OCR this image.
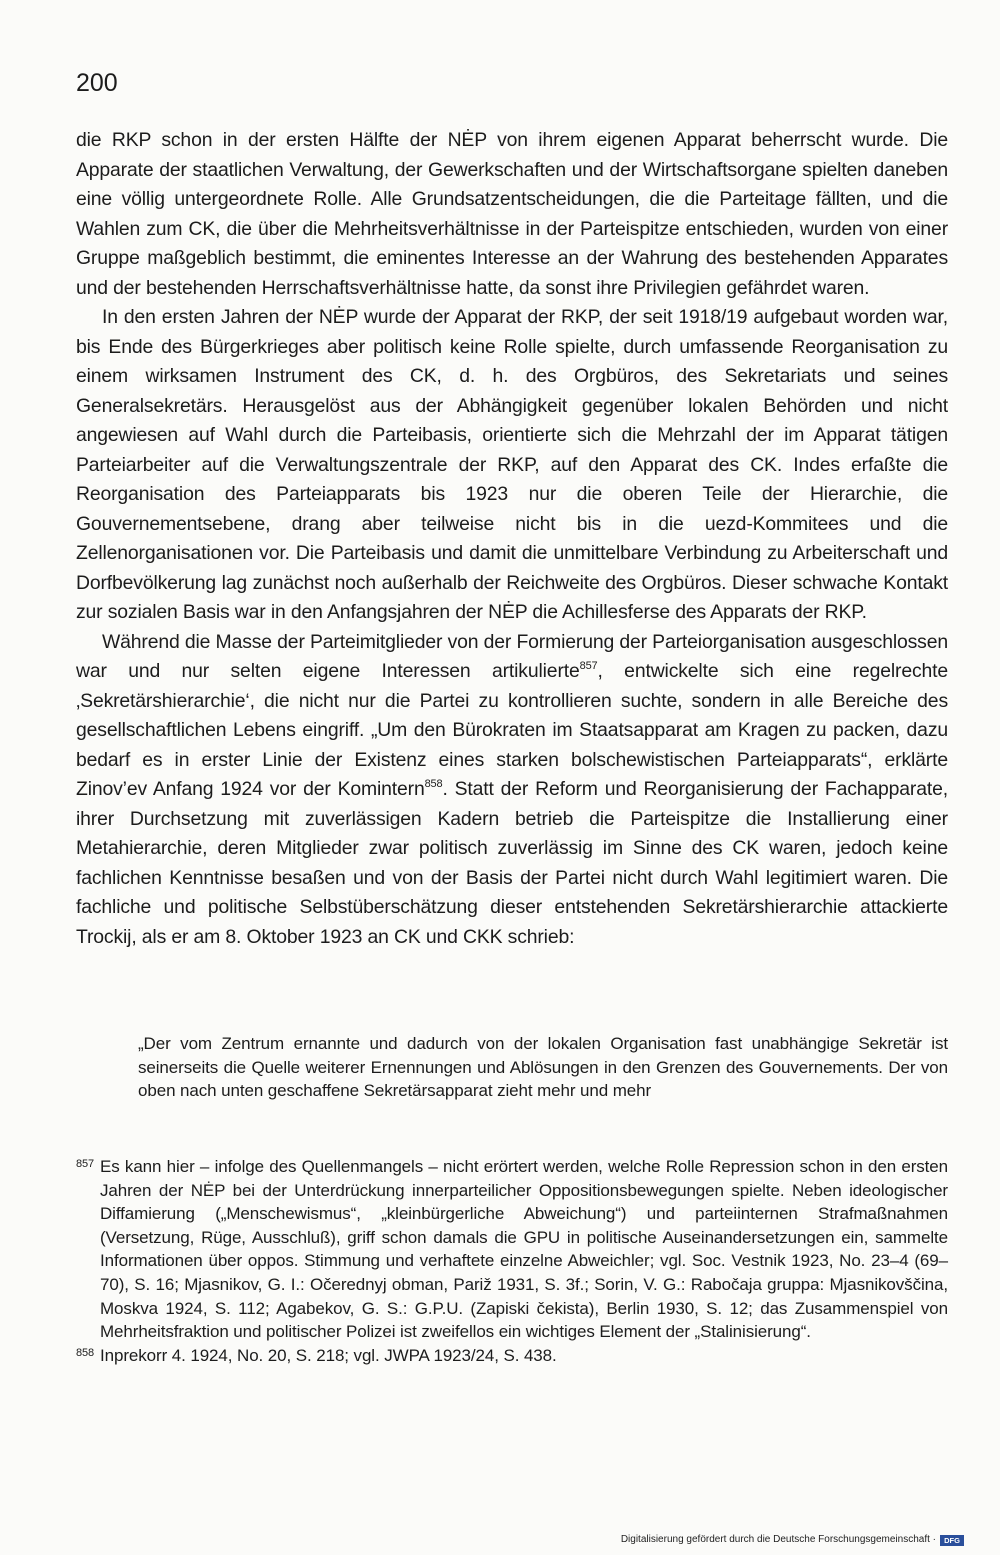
200

die RKP schon in der ersten Hälfte der NĖP von ihrem eigenen Apparat beherrscht wurde. Die Apparate der staatlichen Verwaltung, der Gewerkschaften und der Wirtschaftsorgane spielten daneben eine völlig untergeordnete Rolle. Alle Grundsatzentscheidungen, die die Parteitage fällten, und die Wahlen zum CK, die über die Mehrheitsverhältnisse in der Parteispitze entschieden, wurden von einer Gruppe maßgeblich bestimmt, die eminentes Interesse an der Wahrung des bestehenden Apparates und der bestehenden Herrschaftsverhältnisse hatte, da sonst ihre Privilegien gefährdet waren.

In den ersten Jahren der NĖP wurde der Apparat der RKP, der seit 1918/19 aufgebaut worden war, bis Ende des Bürgerkrieges aber politisch keine Rolle spielte, durch umfassende Reorganisation zu einem wirksamen Instrument des CK, d. h. des Orgbüros, des Sekretariats und seines Generalsekretärs. Herausgelöst aus der Abhängigkeit gegenüber lokalen Behörden und nicht angewiesen auf Wahl durch die Parteibasis, orientierte sich die Mehrzahl der im Apparat tätigen Parteiarbeiter auf die Verwaltungszentrale der RKP, auf den Apparat des CK. Indes erfaßte die Reorganisation des Parteiapparats bis 1923 nur die oberen Teile der Hierarchie, die Gouvernementsebene, drang aber teilweise nicht bis in die uezd-Kommitees und die Zellenorganisationen vor. Die Parteibasis und damit die unmittelbare Verbindung zu Arbeiterschaft und Dorfbevölkerung lag zunächst noch außerhalb der Reichweite des Orgbüros. Dieser schwache Kontakt zur sozialen Basis war in den Anfangsjahren der NĖP die Achillesferse des Apparats der RKP.

Während die Masse der Parteimitglieder von der Formierung der Parteiorganisation ausgeschlossen war und nur selten eigene Interessen artikulierte$^{857}$, entwickelte sich eine regelrechte ‚Sekretärshierarchie‘, die nicht nur die Partei zu kontrollieren suchte, sondern in alle Bereiche des gesellschaftlichen Lebens eingriff. „Um den Bürokraten im Staatsapparat am Kragen zu packen, dazu bedarf es in erster Linie der Existenz eines starken bolschewistischen Parteiapparats“, erklärte Zinov’ev Anfang 1924 vor der Komintern$^{858}$. Statt der Reform und Reorganisierung der Fachapparate, ihrer Durchsetzung mit zuverlässigen Kadern betrieb die Parteispitze die Installierung einer Metahierarchie, deren Mitglieder zwar politisch zuverlässig im Sinne des CK waren, jedoch keine fachlichen Kenntnisse besaßen und von der Basis der Partei nicht durch Wahl legitimiert waren. Die fachliche und politische Selbstüberschätzung dieser entstehenden Sekretärshierarchie attackierte Trockij, als er am 8. Oktober 1923 an CK und CKK schrieb:

„Der vom Zentrum ernannte und dadurch von der lokalen Organisation fast unabhängige Sekretär ist seinerseits die Quelle weiterer Ernennungen und Ablösungen in den Grenzen des Gouvernements. Der von oben nach unten geschaffene Sekretärsapparat zieht mehr und mehr

857 Es kann hier – infolge des Quellenmangels – nicht erörtert werden, welche Rolle Repression schon in den ersten Jahren der NĖP bei der Unterdrückung innerparteilicher Oppositionsbewegungen spielte. Neben ideologischer Diffamierung („Menschewismus“, „kleinbürgerliche Abweichung“) und parteiinternen Strafmaßnahmen (Versetzung, Rüge, Ausschluß), griff schon damals die GPU in politische Auseinandersetzungen ein, sammelte Informationen über oppos. Stimmung und verhaftete einzelne Abweichler; vgl. Soc. Vestnik 1923, No. 23–4 (69–70), S. 16; Mjasnikov, G. I.: Očerednyj obman, Pariž 1931, S. 3f.; Sorin, V. G.: Rabočaja gruppa: Mjasnikovščina, Moskva 1924, S. 112; Agabekov, G. S.: G.P.U. (Zapiski čekista), Berlin 1930, S. 12; das Zusammenspiel von Mehrheitsfraktion und politischer Polizei ist zweifellos ein wichtiges Element der „Stalinisierung“.
858 Inprekorr 4. 1924, No. 20, S. 218; vgl. JWPA 1923/24, S. 438.
Digitalisierung gefördert durch die Deutsche Forschungsgemeinschaft ·	DFG
